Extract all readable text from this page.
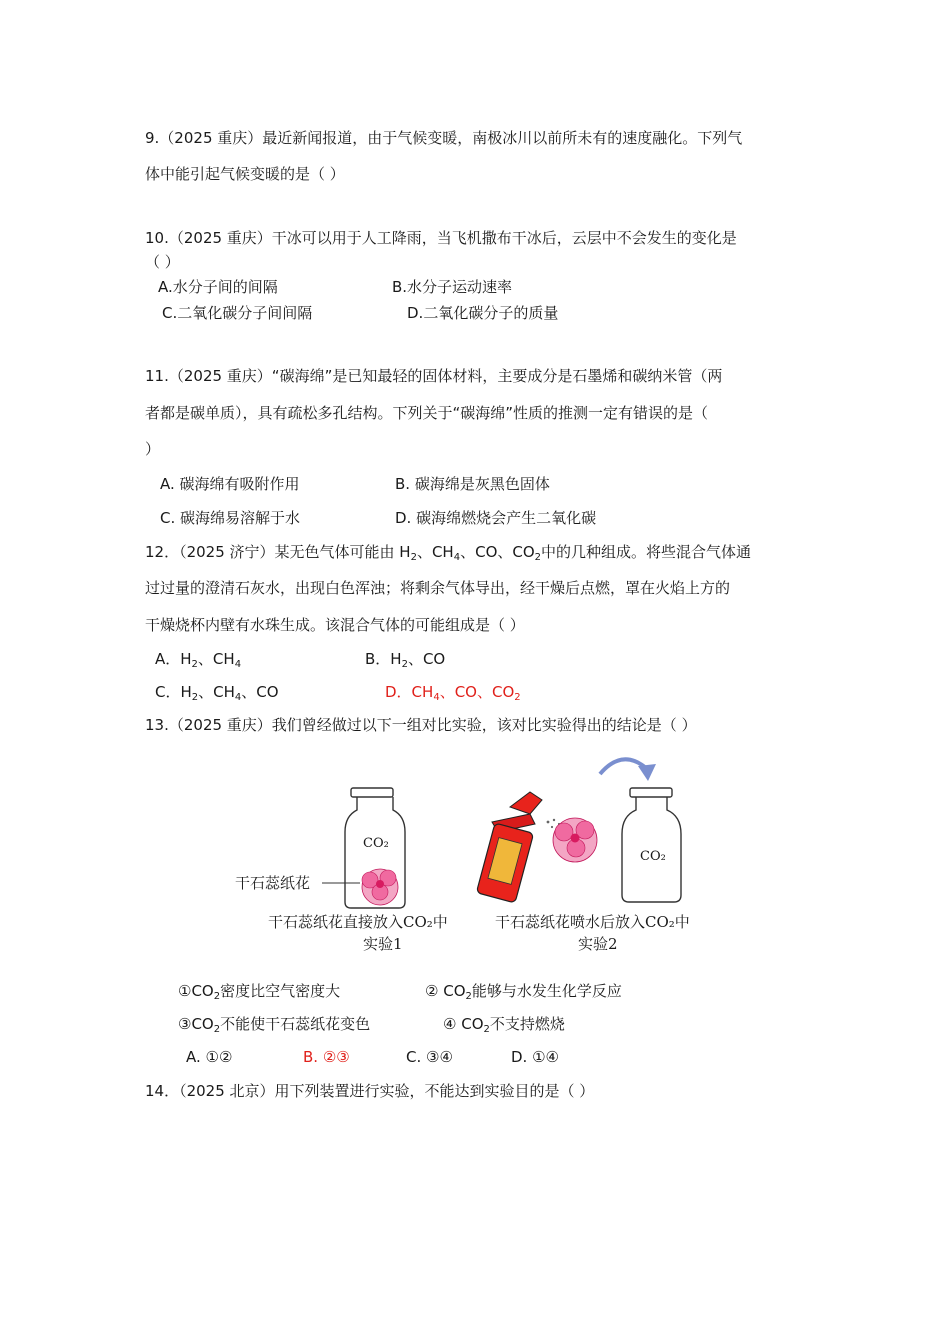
9.（2025 重庆）最近新闻报道，由于气候变暖，南极冰川以前所未有的速度融化。下列气
体中能引起气候变暖的是（ ）
10.（2025 重庆）干冰可以用于人工降雨，当飞机撒布干冰后，云层中不会发生的变化是
（ ）
A.水分子间的间隔	B.水分子运动速率
C.二氧化碳分子间间隔	D.二氧化碳分子的质量
11.（2025 重庆）“碳海绵”是已知最轻的固体材料，主要成分是石墨烯和碳纳米管（两
者都是碳单质），具有疏松多孔结构。下列关于“碳海绵”性质的推测一定有错误的是（
）
A. 碳海绵有吸附作用	B. 碳海绵是灰黑色固体
C. 碳海绵易溶解于水	D. 碳海绵燃烧会产生二氧化碳
12．（2025 济宁）某无色气体可能由 $H_2$、$CH_4$、CO、$CO_2$中的几种组成。将些混合气体通
过过量的澄清石灰水，出现白色浑浊；将剩余气体导出，经干燥后点燃，罩在火焰上方的
干燥烧杯内壁有水珠生成。该混合气体的可能组成是（ ）
A．$H_2$、$CH_4$	B．$H_2$、CO
C．$H_2$、$CH_4$、CO	D．$CH_4$、CO、$CO_2$
13.（2025 重庆）我们曾经做过以下一组对比实验，该对比实验得出的结论是（ ）
CO₂
干石蕊纸花
CO₂
干石蕊纸花直接放入CO₂中
实验1
干石蕊纸花喷水后放入CO₂中
实验2
$①CO_2$密度比空气密度大	② $CO_2$能够与水发生化学反应
$③CO_2$不能使干石蕊纸花变色	④ $CO_2$不支持燃烧
A. ①②	B. ②③	C. ③④	D. ①④
14．（2025 北京）用下列装置进行实验，不能达到实验目的是（ ）
